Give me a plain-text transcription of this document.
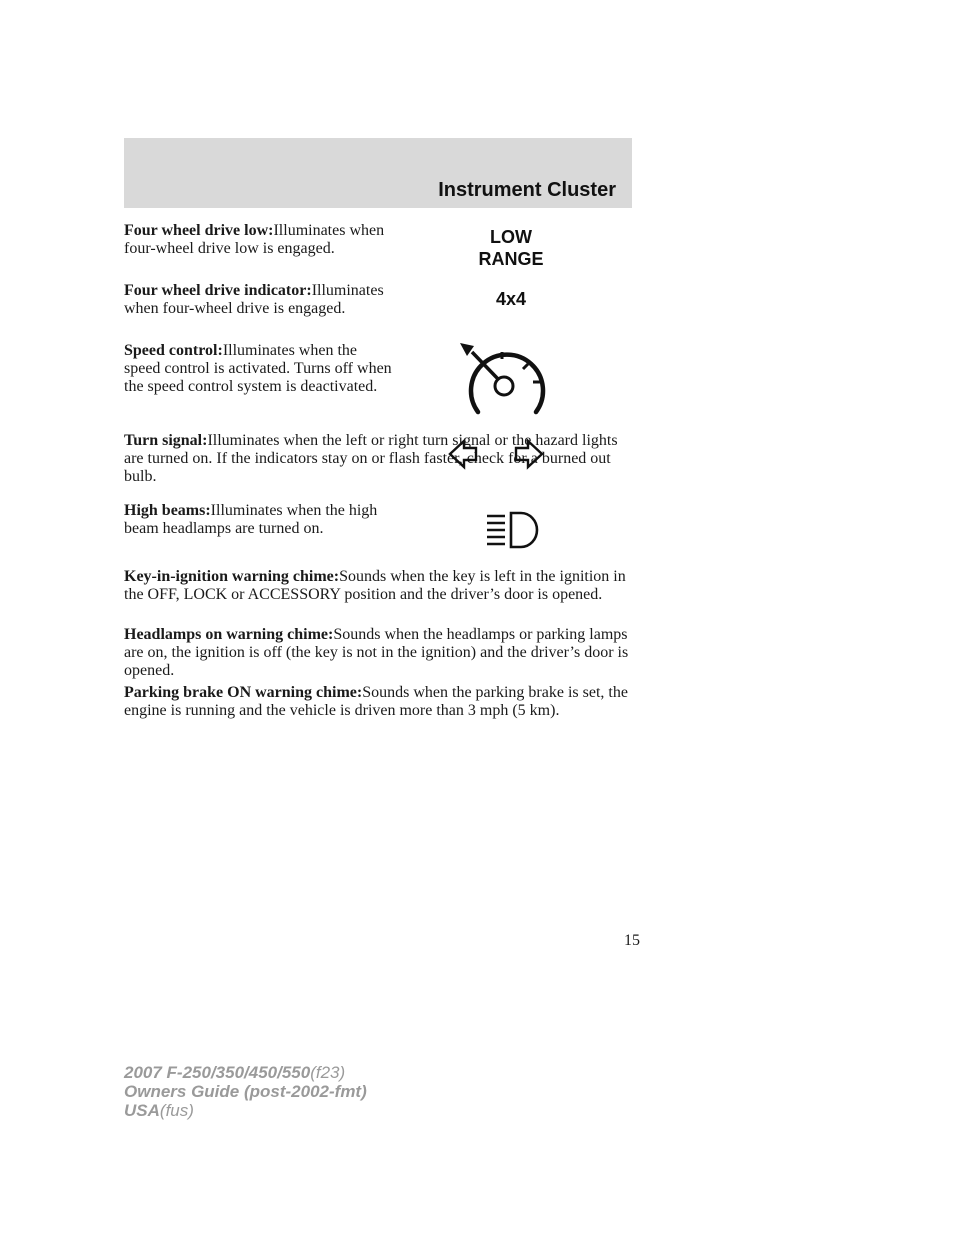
Instrument Cluster

Four wheel drive low:Illuminates when four-wheel drive low is engaged.

LOW
RANGE

Four wheel drive indicator:Illuminates when four-wheel drive is engaged.	4x4

Speed control:Illuminates when the speed control is activated. Turns off when the speed control system is deactivated.

Turn signal:Illuminates when the left or right turn signal or the hazard lights are turned on. If the indicators stay on or flash faster, check for a burned out bulb.

High beams:Illuminates when the high beam headlamps are turned on.

Key-in-ignition warning chime:Sounds when the key is left in the ignition in the OFF, LOCK or ACCESSORY position and the driver’s door is opened.

Headlamps on warning chime:Sounds when the headlamps or parking lamps are on, the ignition is off (the key is not in the ignition) and the driver’s door is opened.

Parking brake ON warning chime:Sounds when the parking brake is set, the engine is running and the vehicle is driven more than 3 mph (5 km).

15
2007 F-250/350/450/550(f23)
Owners Guide (post-2002-fmt)
USA(fus)
